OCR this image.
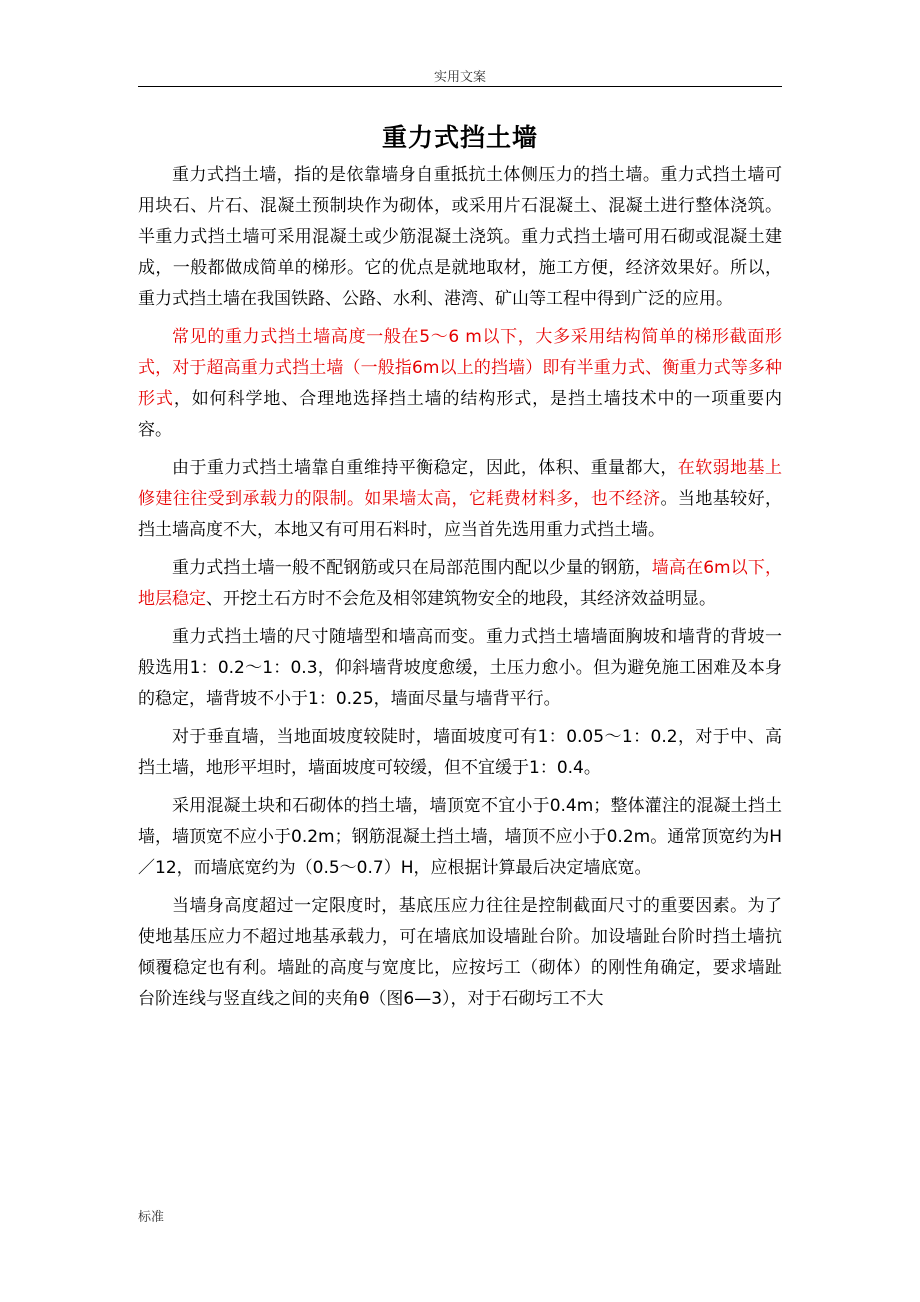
实用文案
重力式挡土墙

重力式挡土墙，指的是依靠墙身自重抵抗土体侧压力的挡土墙。重力式挡土墙可用块石、片石、混凝土预制块作为砌体，或采用片石混凝土、混凝土进行整体浇筑。半重力式挡土墙可采用混凝土或少筋混凝土浇筑。重力式挡土墙可用石砌或混凝土建成，一般都做成简单的梯形。它的优点是就地取材，施工方便，经济效果好。所以，重力式挡土墙在我国铁路、公路、水利、港湾、矿山等工程中得到广泛的应用。

常见的重力式挡土墙高度一般在5～6 m以下，大多采用结构简单的梯形截面形式，对于超高重力式挡土墙（一般指6m以上的挡墙）即有半重力式、衡重力式等多种形式，如何科学地、合理地选择挡土墙的结构形式，是挡土墙技术中的一项重要内容。

由于重力式挡土墙靠自重维持平衡稳定，因此，体积、重量都大，在软弱地基上修建往往受到承载力的限制。如果墙太高，它耗费材料多，也不经济。当地基较好，挡土墙高度不大，本地又有可用石料时，应当首先选用重力式挡土墙。

重力式挡土墙一般不配钢筋或只在局部范围内配以少量的钢筋，墙高在6m以下，地层稳定、开挖土石方时不会危及相邻建筑物安全的地段，其经济效益明显。

重力式挡土墙的尺寸随墙型和墙高而变。重力式挡土墙墙面胸坡和墙背的背坡一般选用1：0.2～1：0.3，仰斜墙背坡度愈缓，土压力愈小。但为避免施工困难及本身的稳定，墙背坡不小于1：0.25，墙面尽量与墙背平行。

对于垂直墙，当地面坡度较陡时，墙面坡度可有1：0.05～1：0.2，对于中、高挡土墙，地形平坦时，墙面坡度可较缓，但不宜缓于1：0.4。

采用混凝土块和石砌体的挡土墙，墙顶宽不宜小于0.4m；整体灌注的混凝土挡土墙，墙顶宽不应小于0.2m；钢筋混凝土挡土墙，墙顶不应小于0.2m。通常顶宽约为H／12，而墙底宽约为（0.5～0.7）H，应根据计算最后决定墙底宽。

当墙身高度超过一定限度时，基底压应力往往是控制截面尺寸的重要因素。为了使地基压应力不超过地基承载力，可在墙底加设墙趾台阶。加设墙趾台阶时挡土墙抗倾覆稳定也有利。墙趾的高度与宽度比，应按圬工（砌体）的刚性角确定，要求墙趾台阶连线与竖直线之间的夹角θ（图6—3），对于石砌圬工不大

标准
